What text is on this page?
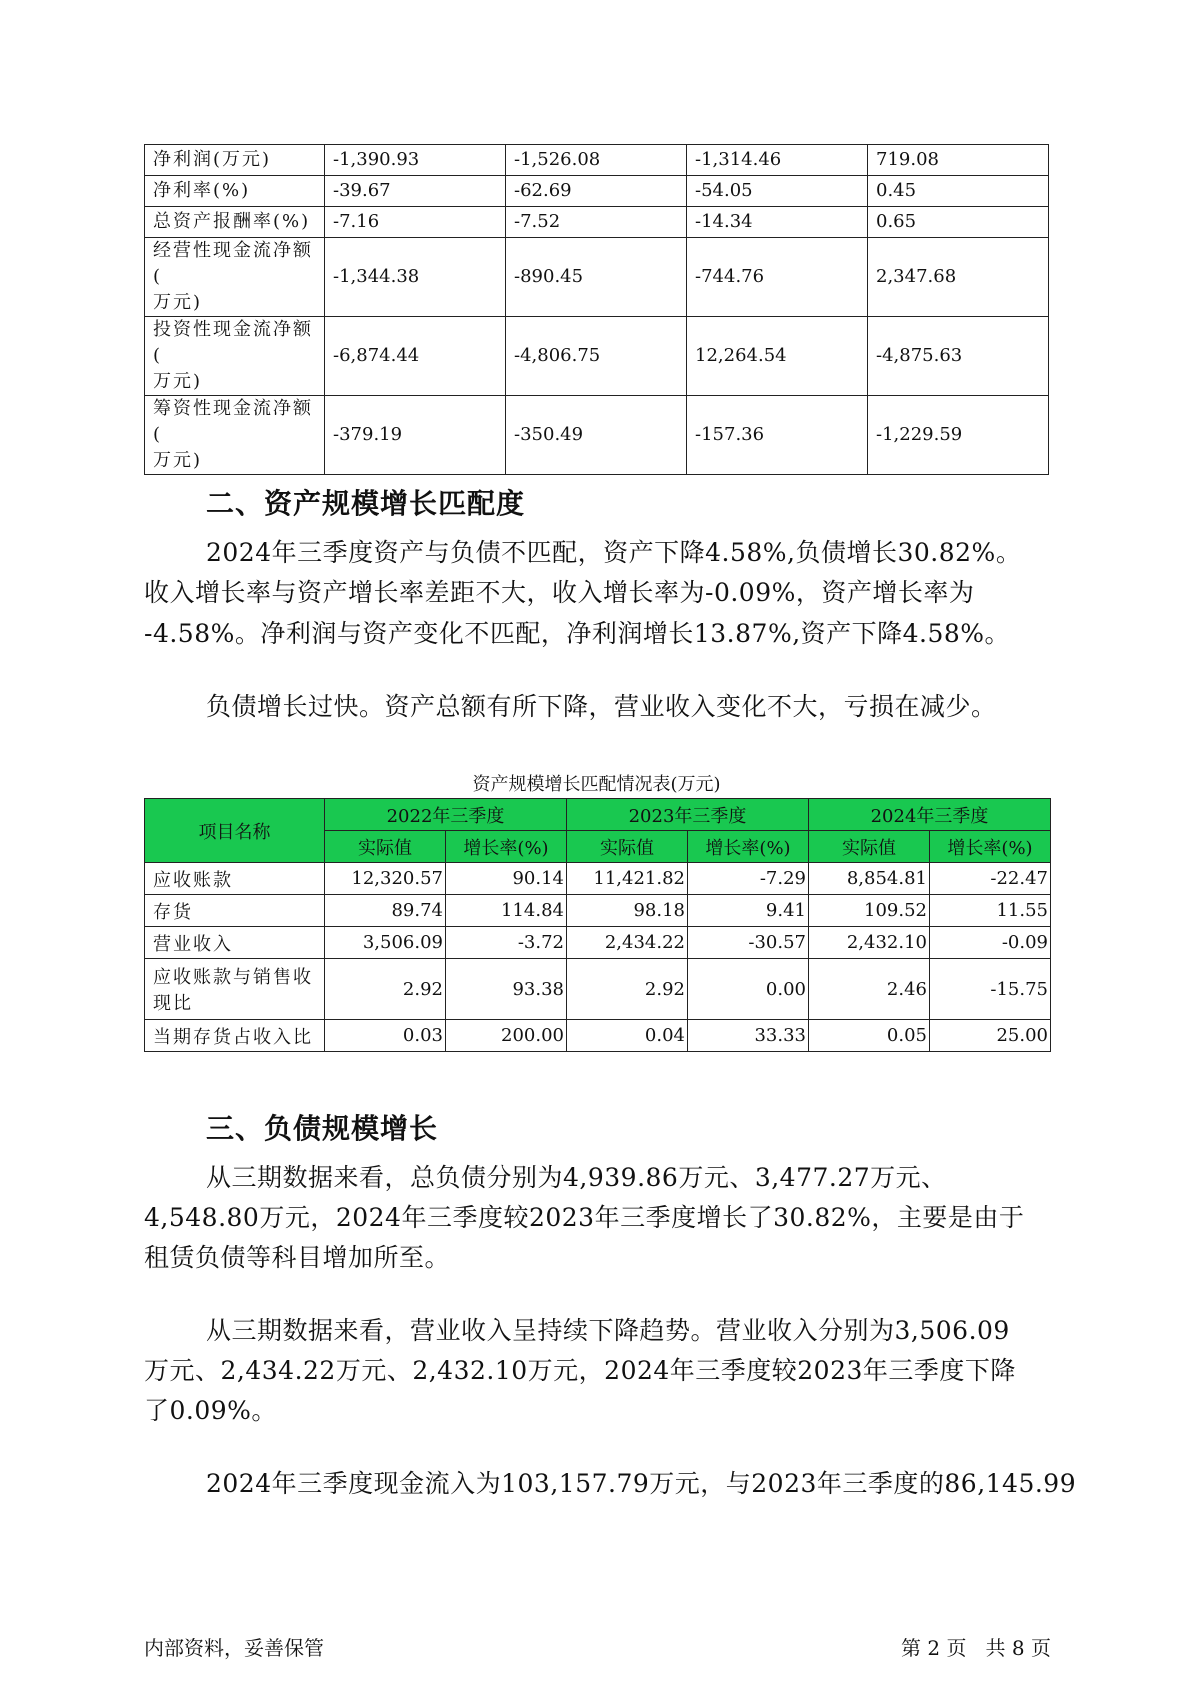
净利润(万元)	-1,390.93	-1,526.08	-1,314.46	719.08
净利率(%)	-39.67	-62.69	-54.05	0.45
总资产报酬率(%)	-7.16	-7.52	-14.34	0.65

经营性现金流净额(
万元)	-1,344.38	-890.45	-744.76	2,347.68

投资性现金流净额(
万元)	-6,874.44	-4,806.75	12,264.54	-4,875.63

筹资性现金流净额(
万元)	-379.19	-350.49	-157.36	-1,229.59
二、资产规模增长匹配度

2024年三季度资产与负债不匹配，资产下降4.58%,负债增长30.82%。

收入增长率与资产增长率差距不大，收入增长率为-0.09%，资产增长率为

-4.58%。净利润与资产变化不匹配，净利润增长13.87%,资产下降4.58%。

负债增长过快。资产总额有所下降，营业收入变化不大，亏损在减少。

资产规模增长匹配情况表(万元)
项目名称	2022年三季度		2023年三季度		2024年三季度	
	实际值	增长率(%)	实际值	增长率(%)	实际值	增长率(%)
应收账款	12,320.57	90.14	11,421.82	-7.29	8,854.81	-22.47
存货	89.74	114.84	98.18	9.41	109.52	11.55
营业收入	3,506.09	-3.72	2,434.22	-30.57	2,432.10	-0.09

应收账款与销售收
现比	2.92	93.38	2.92	0.00	2.46	-15.75
当期存货占收入比	0.03	200.00	0.04	33.33	0.05	25.00
三、负债规模增长

从三期数据来看，总负债分别为4,939.86万元、3,477.27万元、

4,548.80万元，2024年三季度较2023年三季度增长了30.82%，主要是由于

租赁负债等科目增加所至。

从三期数据来看，营业收入呈持续下降趋势。营业收入分别为3,506.09

万元、2,434.22万元、2,432.10万元，2024年三季度较2023年三季度下降

了0.09%。

2024年三季度现金流入为103,157.79万元，与2023年三季度的86,145.99

内部资料，妥善保管	第 2 页   共 8 页
